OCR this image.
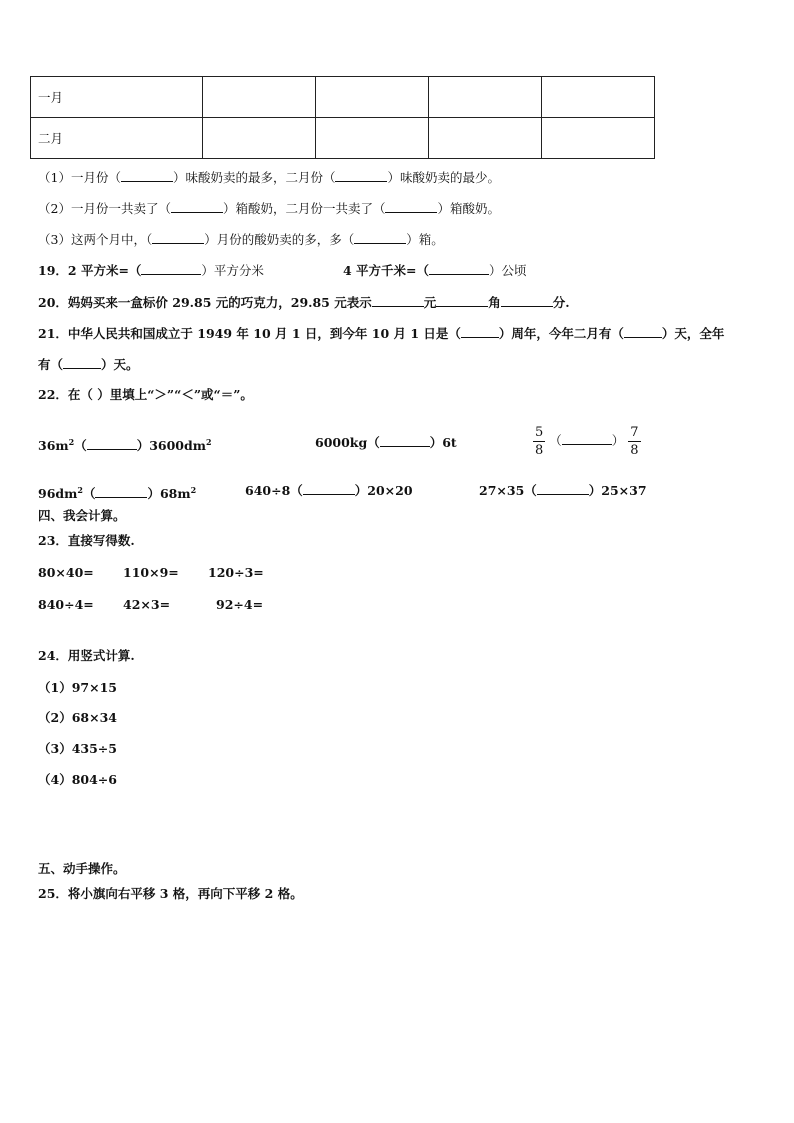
一月				
二月				
（1）一月份（	）味酸奶卖的最多，二月份（	）味酸奶卖的最少。
（2）一月份一共卖了（	）箱酸奶，二月份一共卖了（	）箱酸奶。
（3）这两个月中，（	）月份的酸奶卖的多，多（	）箱。
19．2 平方米=（	）平方分米	4 平方千米=（	）公顷
20．妈妈买来一盒标价 29.85 元的巧克力，29.85 元表示	元	角	分.
21．中华人民共和国成立于 1949 年 10 月 1 日，到今年 10 月 1 日是（	）周年，今年二月有（	）天，全年
有（	）天。
22．在（ ）里填上“＞”“＜”或“＝”。
$36m^2$（	）$3600dm^2$	6000kg（	）6t	$\frac{5}{8}$ （	） $\frac{7}{8}$
$96dm^2$（	）$68m^2$	640÷8（	）20×20	27×35（	）25×37
四、我会计算。
23．直接写得数.
80×40= 110×9= 120÷3=
840÷4= 42×3=	92÷4=
24．用竖式计算.
（1）97×15
（2）68×34
（3）435÷5
（4）804÷6
五、动手操作。
25．将小旗向右平移 3 格，再向下平移 2 格。
